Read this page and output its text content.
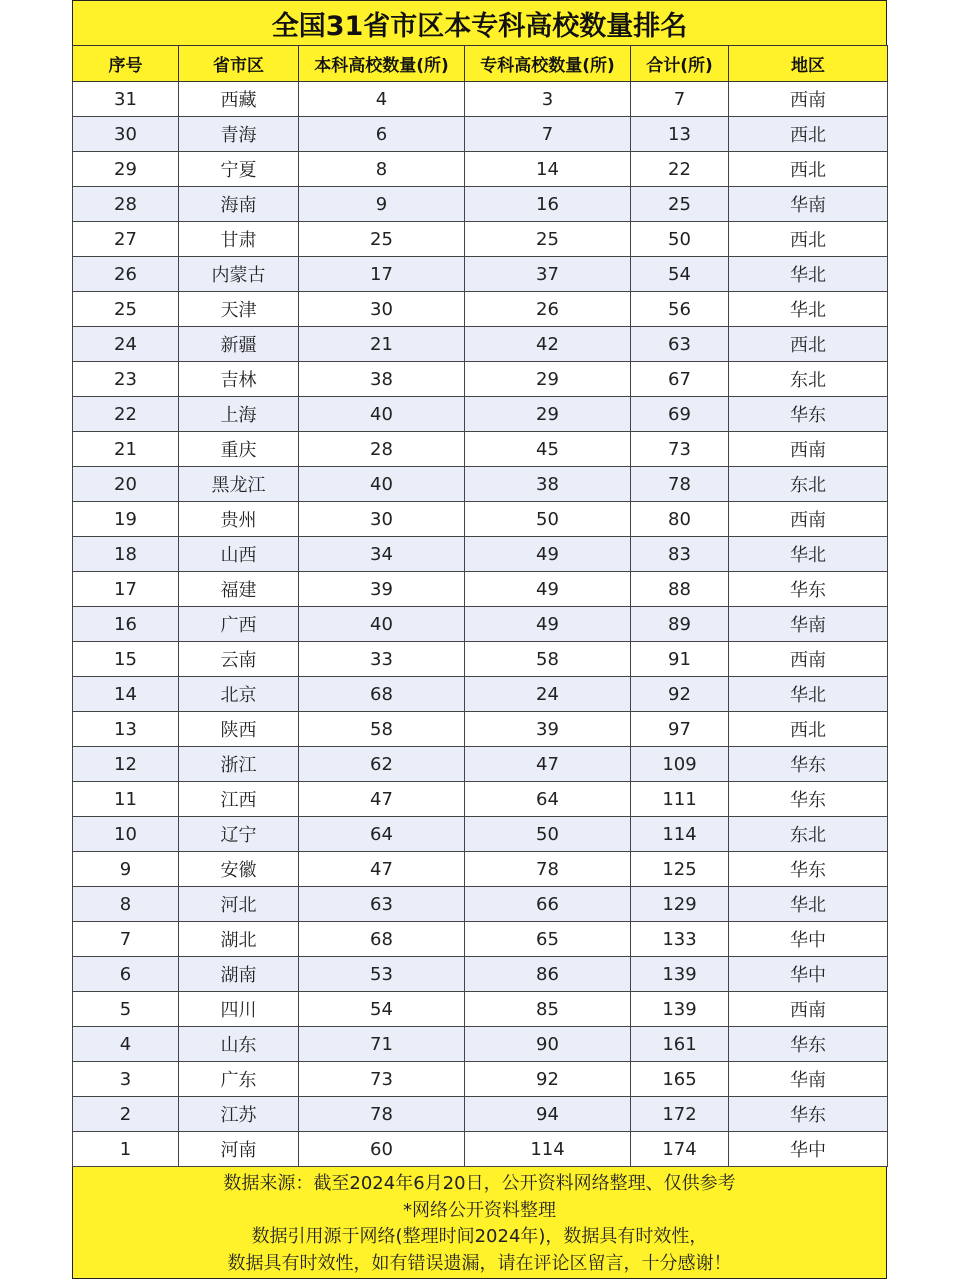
全国31省市区本专科高校数量排名
序号	省市区	本科高校数量(所)	专科高校数量(所)	合计(所)	地区
31	西藏	4	3	7	西南
30	青海	6	7	13	西北
29	宁夏	8	14	22	西北
28	海南	9	16	25	华南
27	甘肃	25	25	50	西北
26	内蒙古	17	37	54	华北
25	天津	30	26	56	华北
24	新疆	21	42	63	西北
23	吉林	38	29	67	东北
22	上海	40	29	69	华东
21	重庆	28	45	73	西南
20	黑龙江	40	38	78	东北
19	贵州	30	50	80	西南
18	山西	34	49	83	华北
17	福建	39	49	88	华东
16	广西	40	49	89	华南
15	云南	33	58	91	西南
14	北京	68	24	92	华北
13	陕西	58	39	97	西北
12	浙江	62	47	109	华东
11	江西	47	64	111	华东
10	辽宁	64	50	114	东北
9	安徽	47	78	125	华东
8	河北	63	66	129	华北
7	湖北	68	65	133	华中
6	湖南	53	86	139	华中
5	四川	54	85	139	西南
4	山东	71	90	161	华东
3	广东	73	92	165	华南
2	江苏	78	94	172	华东
1	河南	60	114	174	华中
数据来源：截至2024年6月20日，公开资料网络整理、仅供参考
*网络公开资料整理
数据引用源于网络(整理时间2024年)，数据具有时效性，
数据具有时效性，如有错误遗漏，请在评论区留言，十分感谢！
